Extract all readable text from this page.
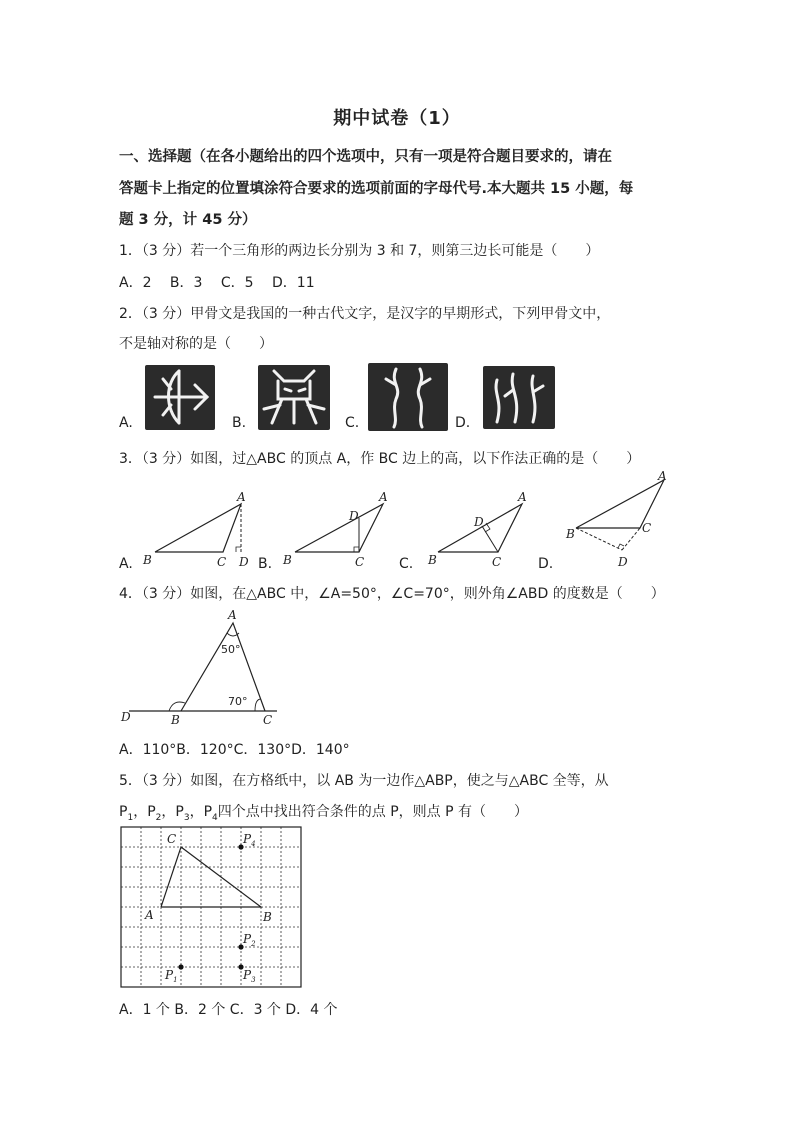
期中试卷（1）
一、选择题（在各小题给出的四个选项中，只有一项是符合题目要求的，请在
答题卡上指定的位置填涂符合要求的选项前面的字母代号.本大题共 15 小题，每
题 3 分，计 45 分）
1．（3 分）若一个三角形的两边长分别为 3 和 7，则第三边长可能是（　　）
A．2　 B．3　 C．5　 D．11
2．（3 分）甲骨文是我国的一种古代文字，是汉字的早期形式，下列甲骨文中，
不是轴对称的是（　　）
A.	B.	C.	D.
3．（3 分）如图，过△ABC 的顶点 A，作 BC 边上的高，以下作法正确的是（　　）
A.	B.	C.	D.
B	C D
A
B	C
D
A
B	C
D
A
B	C
D
A
4．（3 分）如图，在△ABC 中，∠A=50°，∠C=70°，则外角∠ABD 的度数是（　　）
A
D	B	C
50°
70°
A．110°B．120°C．130°D．140°
5．（3 分）如图，在方格纸中，以 AB 为一边作△ABP，使之与△ABC 全等，从
$P_1$，$P_2$，$P_3$，$P_4$四个点中找出符合条件的点 P，则点 P 有（　　）
C
A	B
$P_4$
$P_2$
$P_1$	$P_3$
A．1 个 B．2 个 C．3 个 D．4 个
